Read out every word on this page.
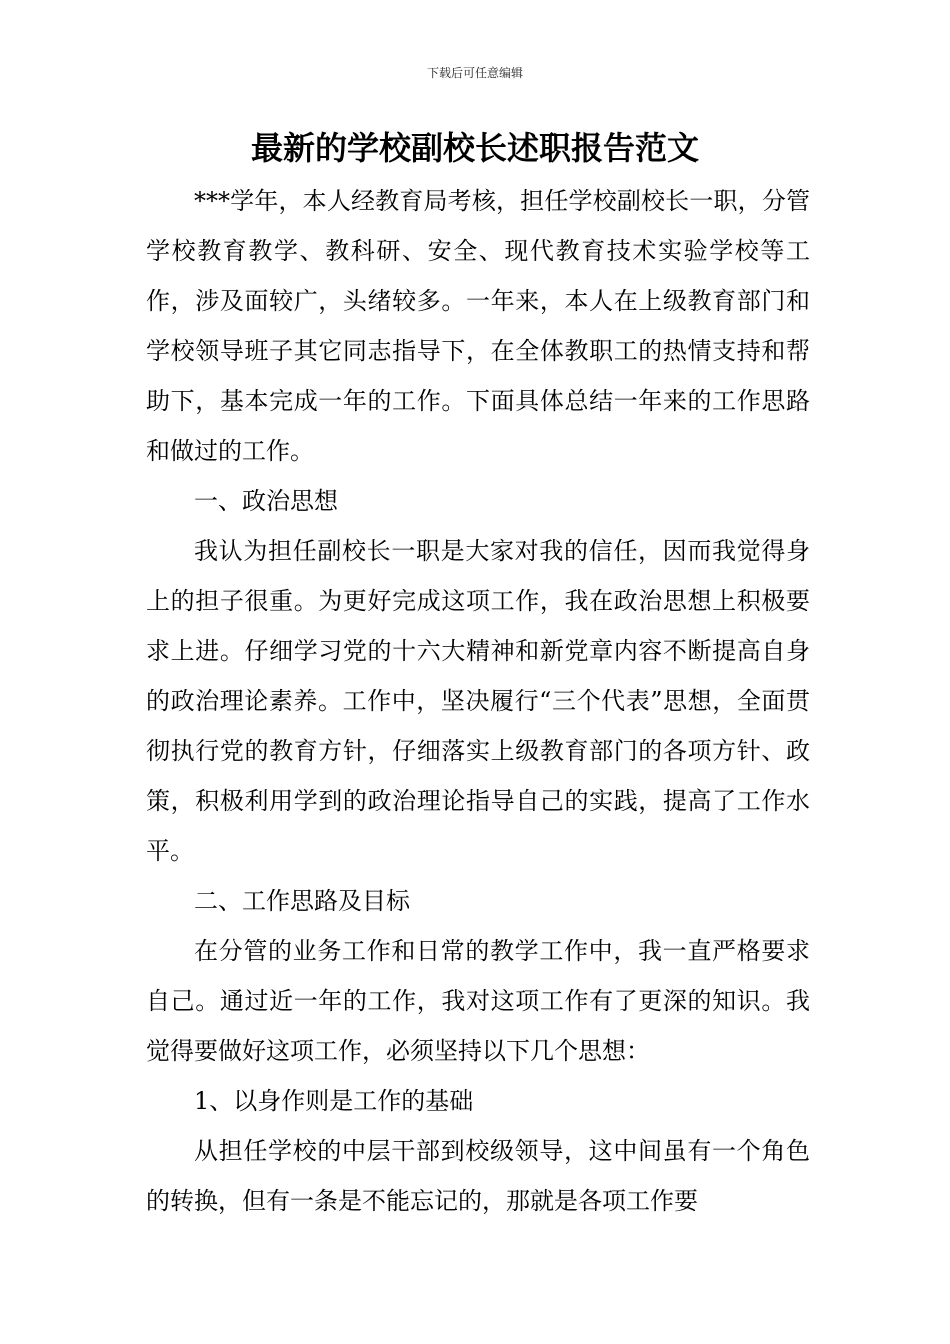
下载后可任意编辑
最新的学校副校长述职报告范文

***学年，本人经教育局考核，担任学校副校长一职，分管学校教育教学、教科研、安全、现代教育技术实验学校等工作，涉及面较广，头绪较多。一年来，本人在上级教育部门和学校领导班子其它同志指导下，在全体教职工的热情支持和帮助下，基本完成一年的工作。下面具体总结一年来的工作思路和做过的工作。

一、政治思想

我认为担任副校长一职是大家对我的信任，因而我觉得身上的担子很重。为更好完成这项工作，我在政治思想上积极要求上进。仔细学习党的十六大精神和新党章内容不断提高自身的政治理论素养。工作中，坚决履行“三个代表”思想，全面贯彻执行党的教育方针，仔细落实上级教育部门的各项方针、政策，积极利用学到的政治理论指导自己的实践，提高了工作水平。

二、工作思路及目标

在分管的业务工作和日常的教学工作中，我一直严格要求自己。通过近一年的工作，我对这项工作有了更深的知识。我觉得要做好这项工作，必须坚持以下几个思想：

1、以身作则是工作的基础

从担任学校的中层干部到校级领导，这中间虽有一个角色的转换，但有一条是不能忘记的，那就是各项工作要
